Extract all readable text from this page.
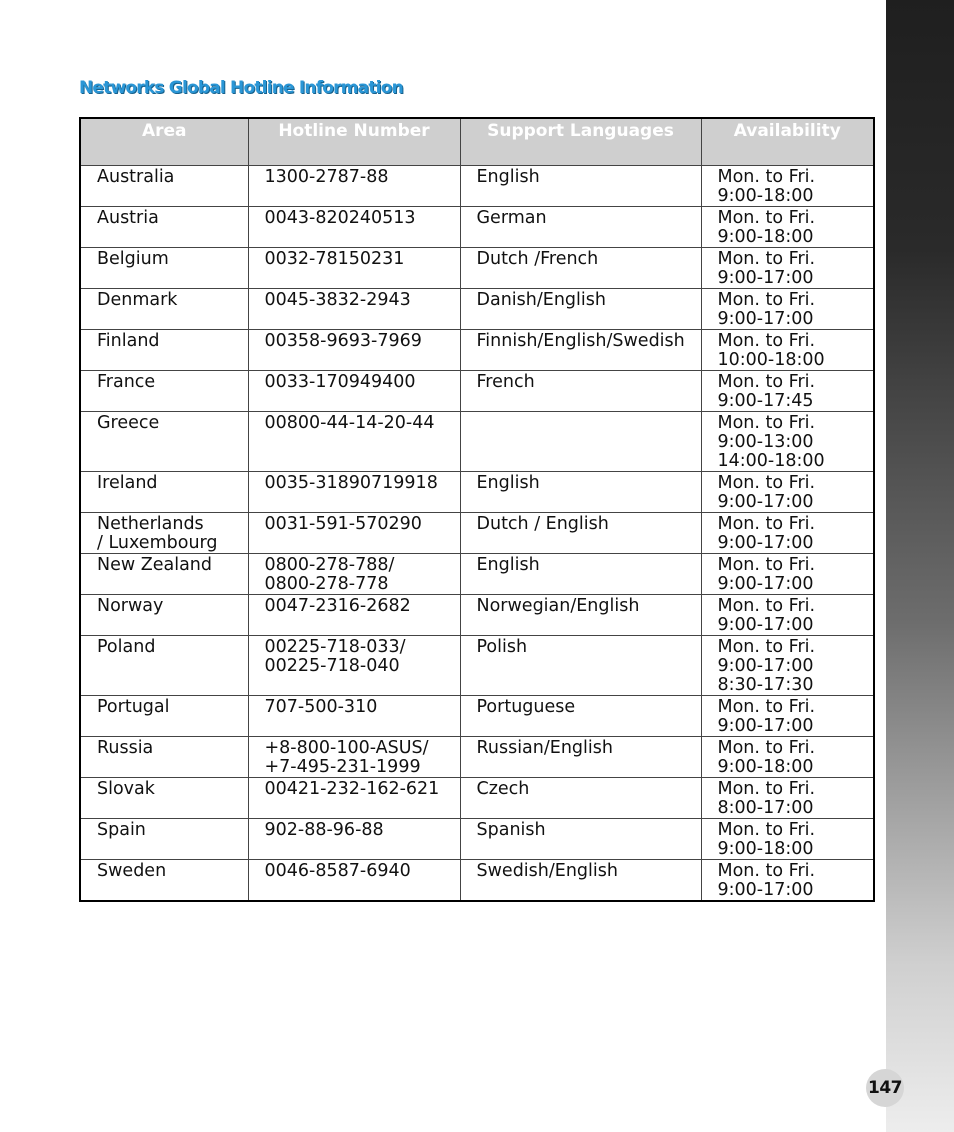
Networks Global Hotline Information
Area	Hotline Number	Support Languages	Availability
Australia	1300-2787-88	English	Mon. to Fri.
9:00-18:00
Austria	0043-820240513	German	Mon. to Fri.
9:00-18:00
Belgium	0032-78150231	Dutch /French	Mon. to Fri.
9:00-17:00
Denmark	0045-3832-2943	Danish/English	Mon. to Fri.
9:00-17:00
Finland	00358-9693-7969	Finnish/English/Swedish	Mon. to Fri.
10:00-18:00
France	0033-170949400	French	Mon. to Fri.
9:00-17:45
Greece	00800-44-14-20-44		Mon. to Fri.
9:00-13:00
14:00-18:00
Ireland	0035-31890719918	English	Mon. to Fri.
9:00-17:00
Netherlands
/ Luxembourg	0031-591-570290	Dutch / English	Mon. to Fri.
9:00-17:00
New Zealand	0800-278-788/
0800-278-778	English	Mon. to Fri.
9:00-17:00
Norway	0047-2316-2682	Norwegian/English	Mon. to Fri.
9:00-17:00
Poland	00225-718-033/
00225-718-040	Polish	Mon. to Fri.
9:00-17:00
8:30-17:30
Portugal	707-500-310	Portuguese	Mon. to Fri.
9:00-17:00
Russia	+8-800-100-ASUS/
+7-495-231-1999	Russian/English	Mon. to Fri.
9:00-18:00
Slovak	00421-232-162-621	Czech	Mon. to Fri.
8:00-17:00
Spain	902-88-96-88	Spanish	Mon. to Fri.
9:00-18:00
Sweden	0046-8587-6940	Swedish/English	Mon. to Fri.
9:00-17:00
147
